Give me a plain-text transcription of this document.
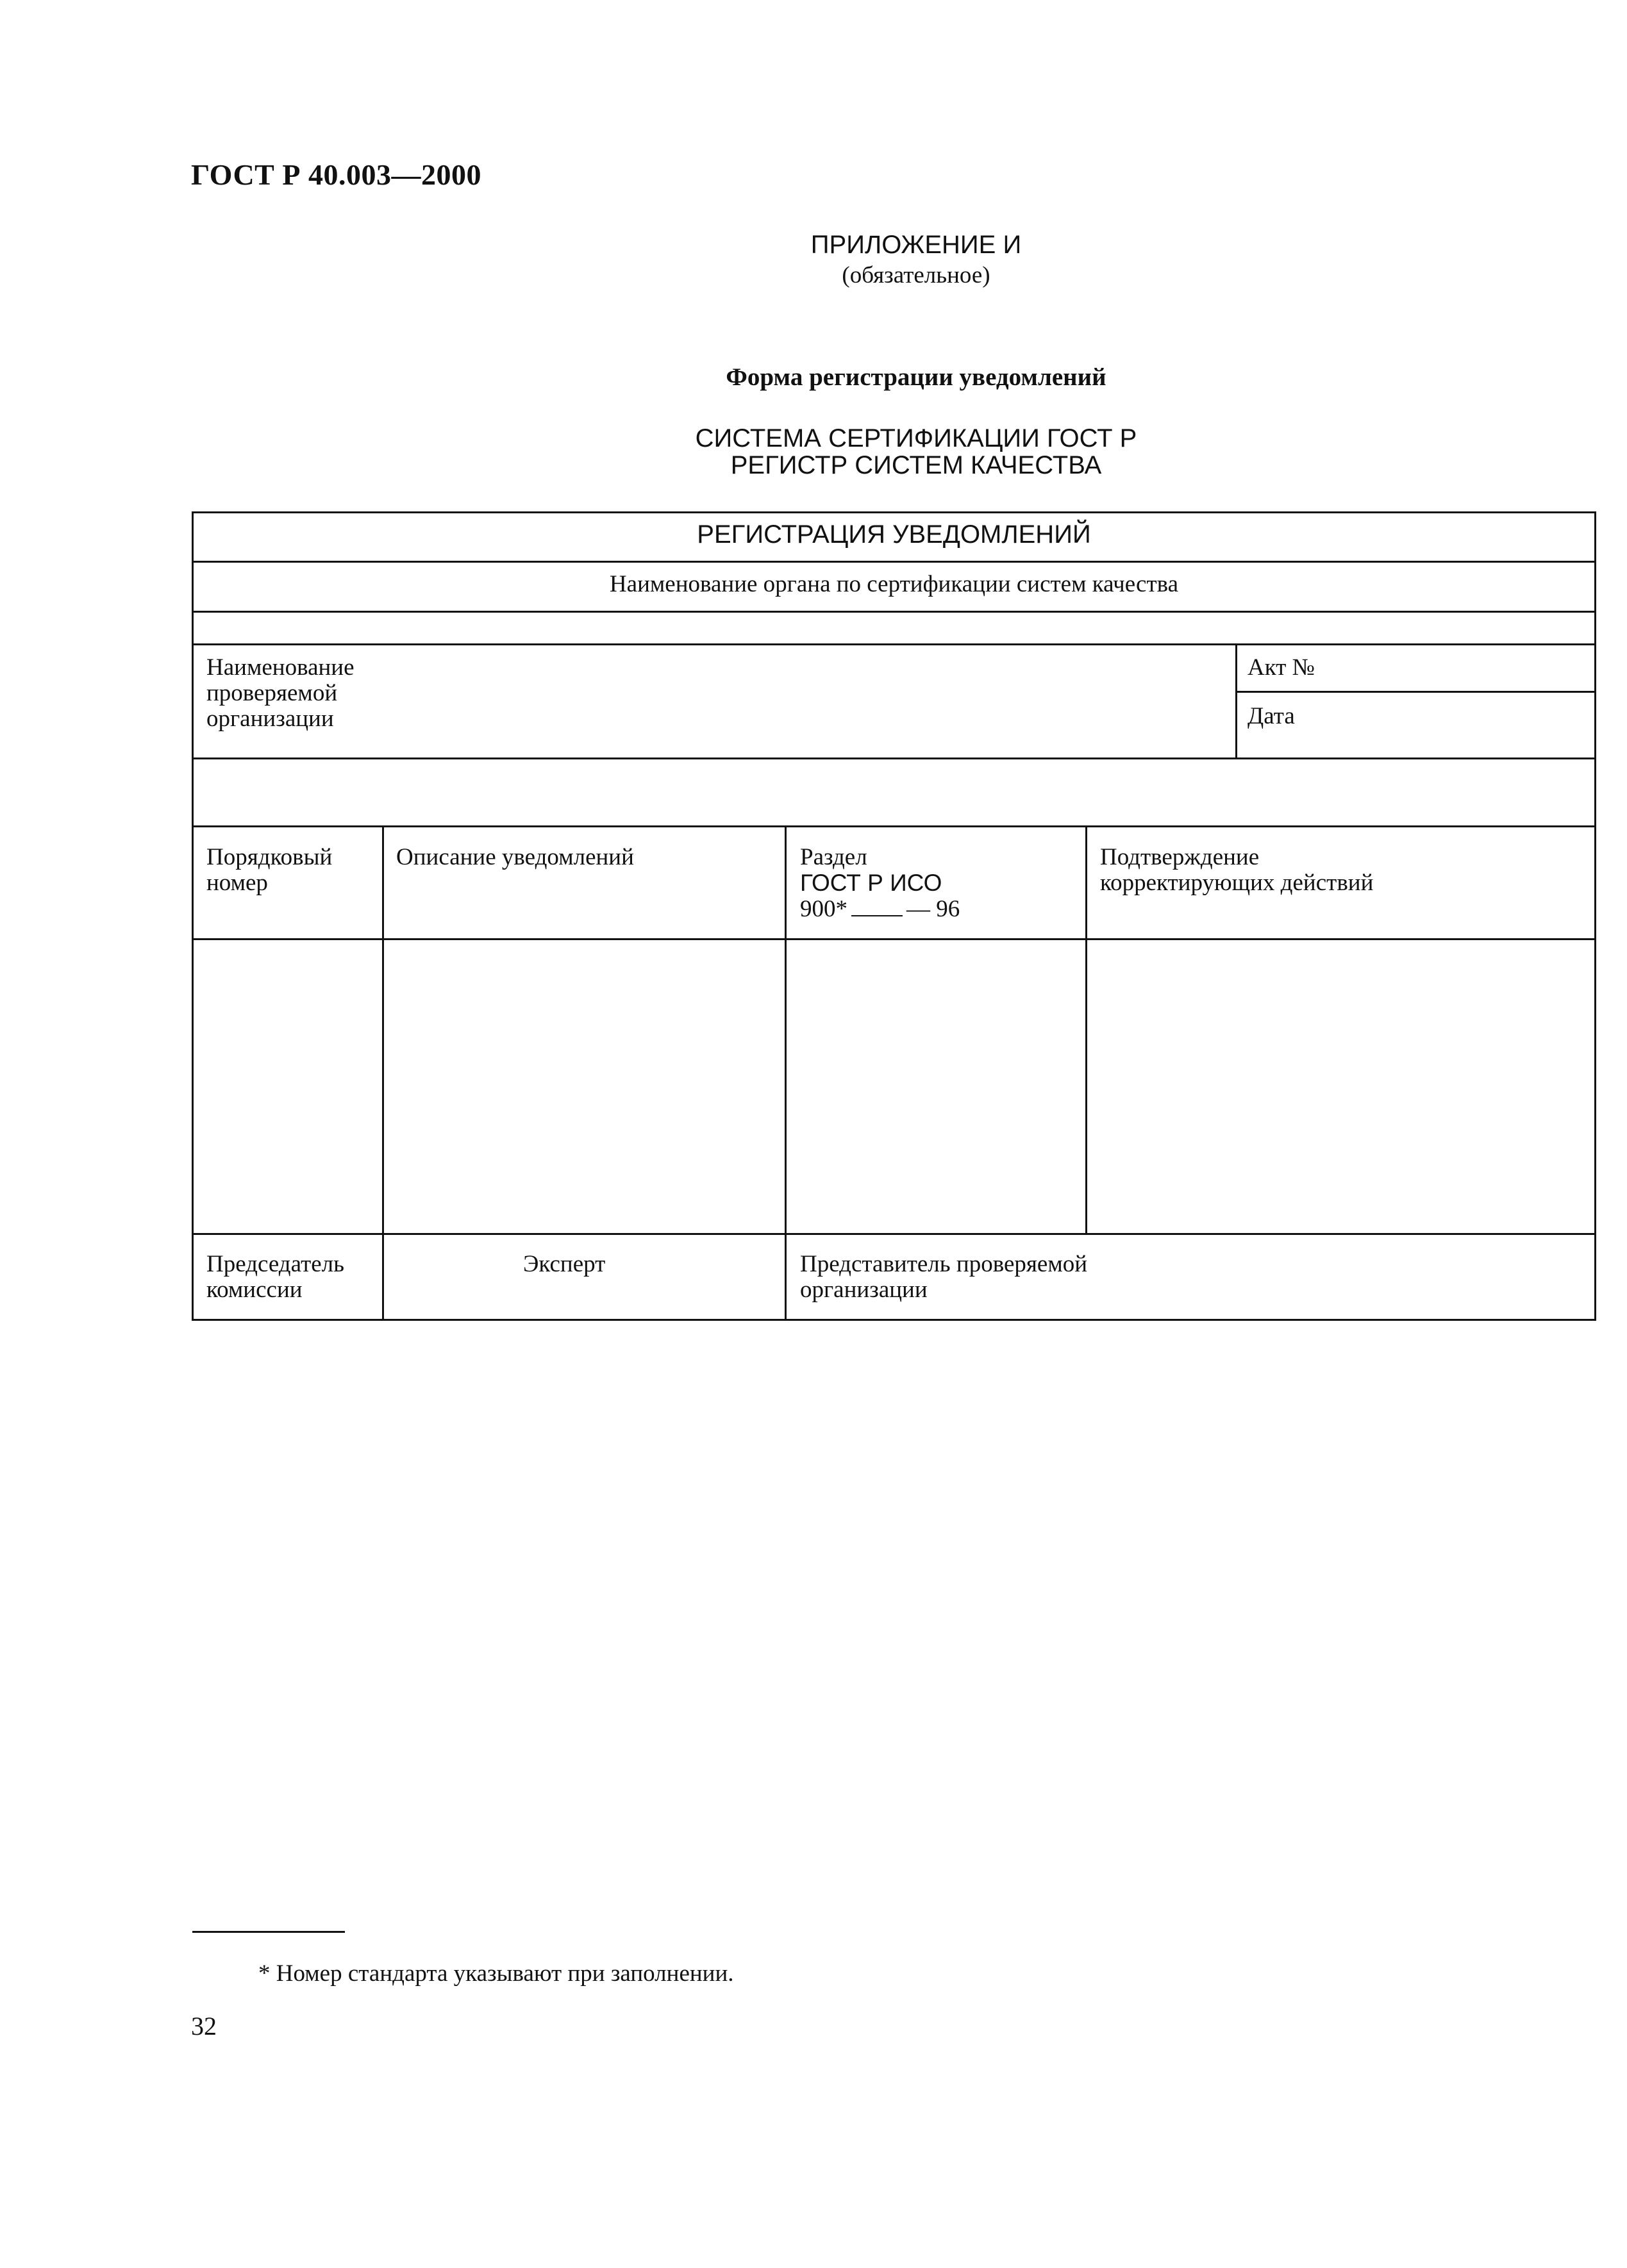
ГОСТ Р 40.003—2000
ПРИЛОЖЕНИЕ И
(обязательное)
Форма регистрации уведомлений
СИСТЕМА СЕРТИФИКАЦИИ ГОСТ Р
РЕГИСТР СИСТЕМ КАЧЕСТВА
РЕГИСТРАЦИЯ УВЕДОМЛЕНИЙ
Наименование органа по сертификации систем качества
Наименование
проверяемой
организации
Акт №
Дата
Порядковый
номер
Описание уведомлений	Раздел
ГОСТ Р ИСО
900* — 96
Подтверждение
корректирующих действий
Председатель
комиссии
Эксперт	Представитель проверяемой
организации
* Номер стандарта указывают при заполнении.
32
